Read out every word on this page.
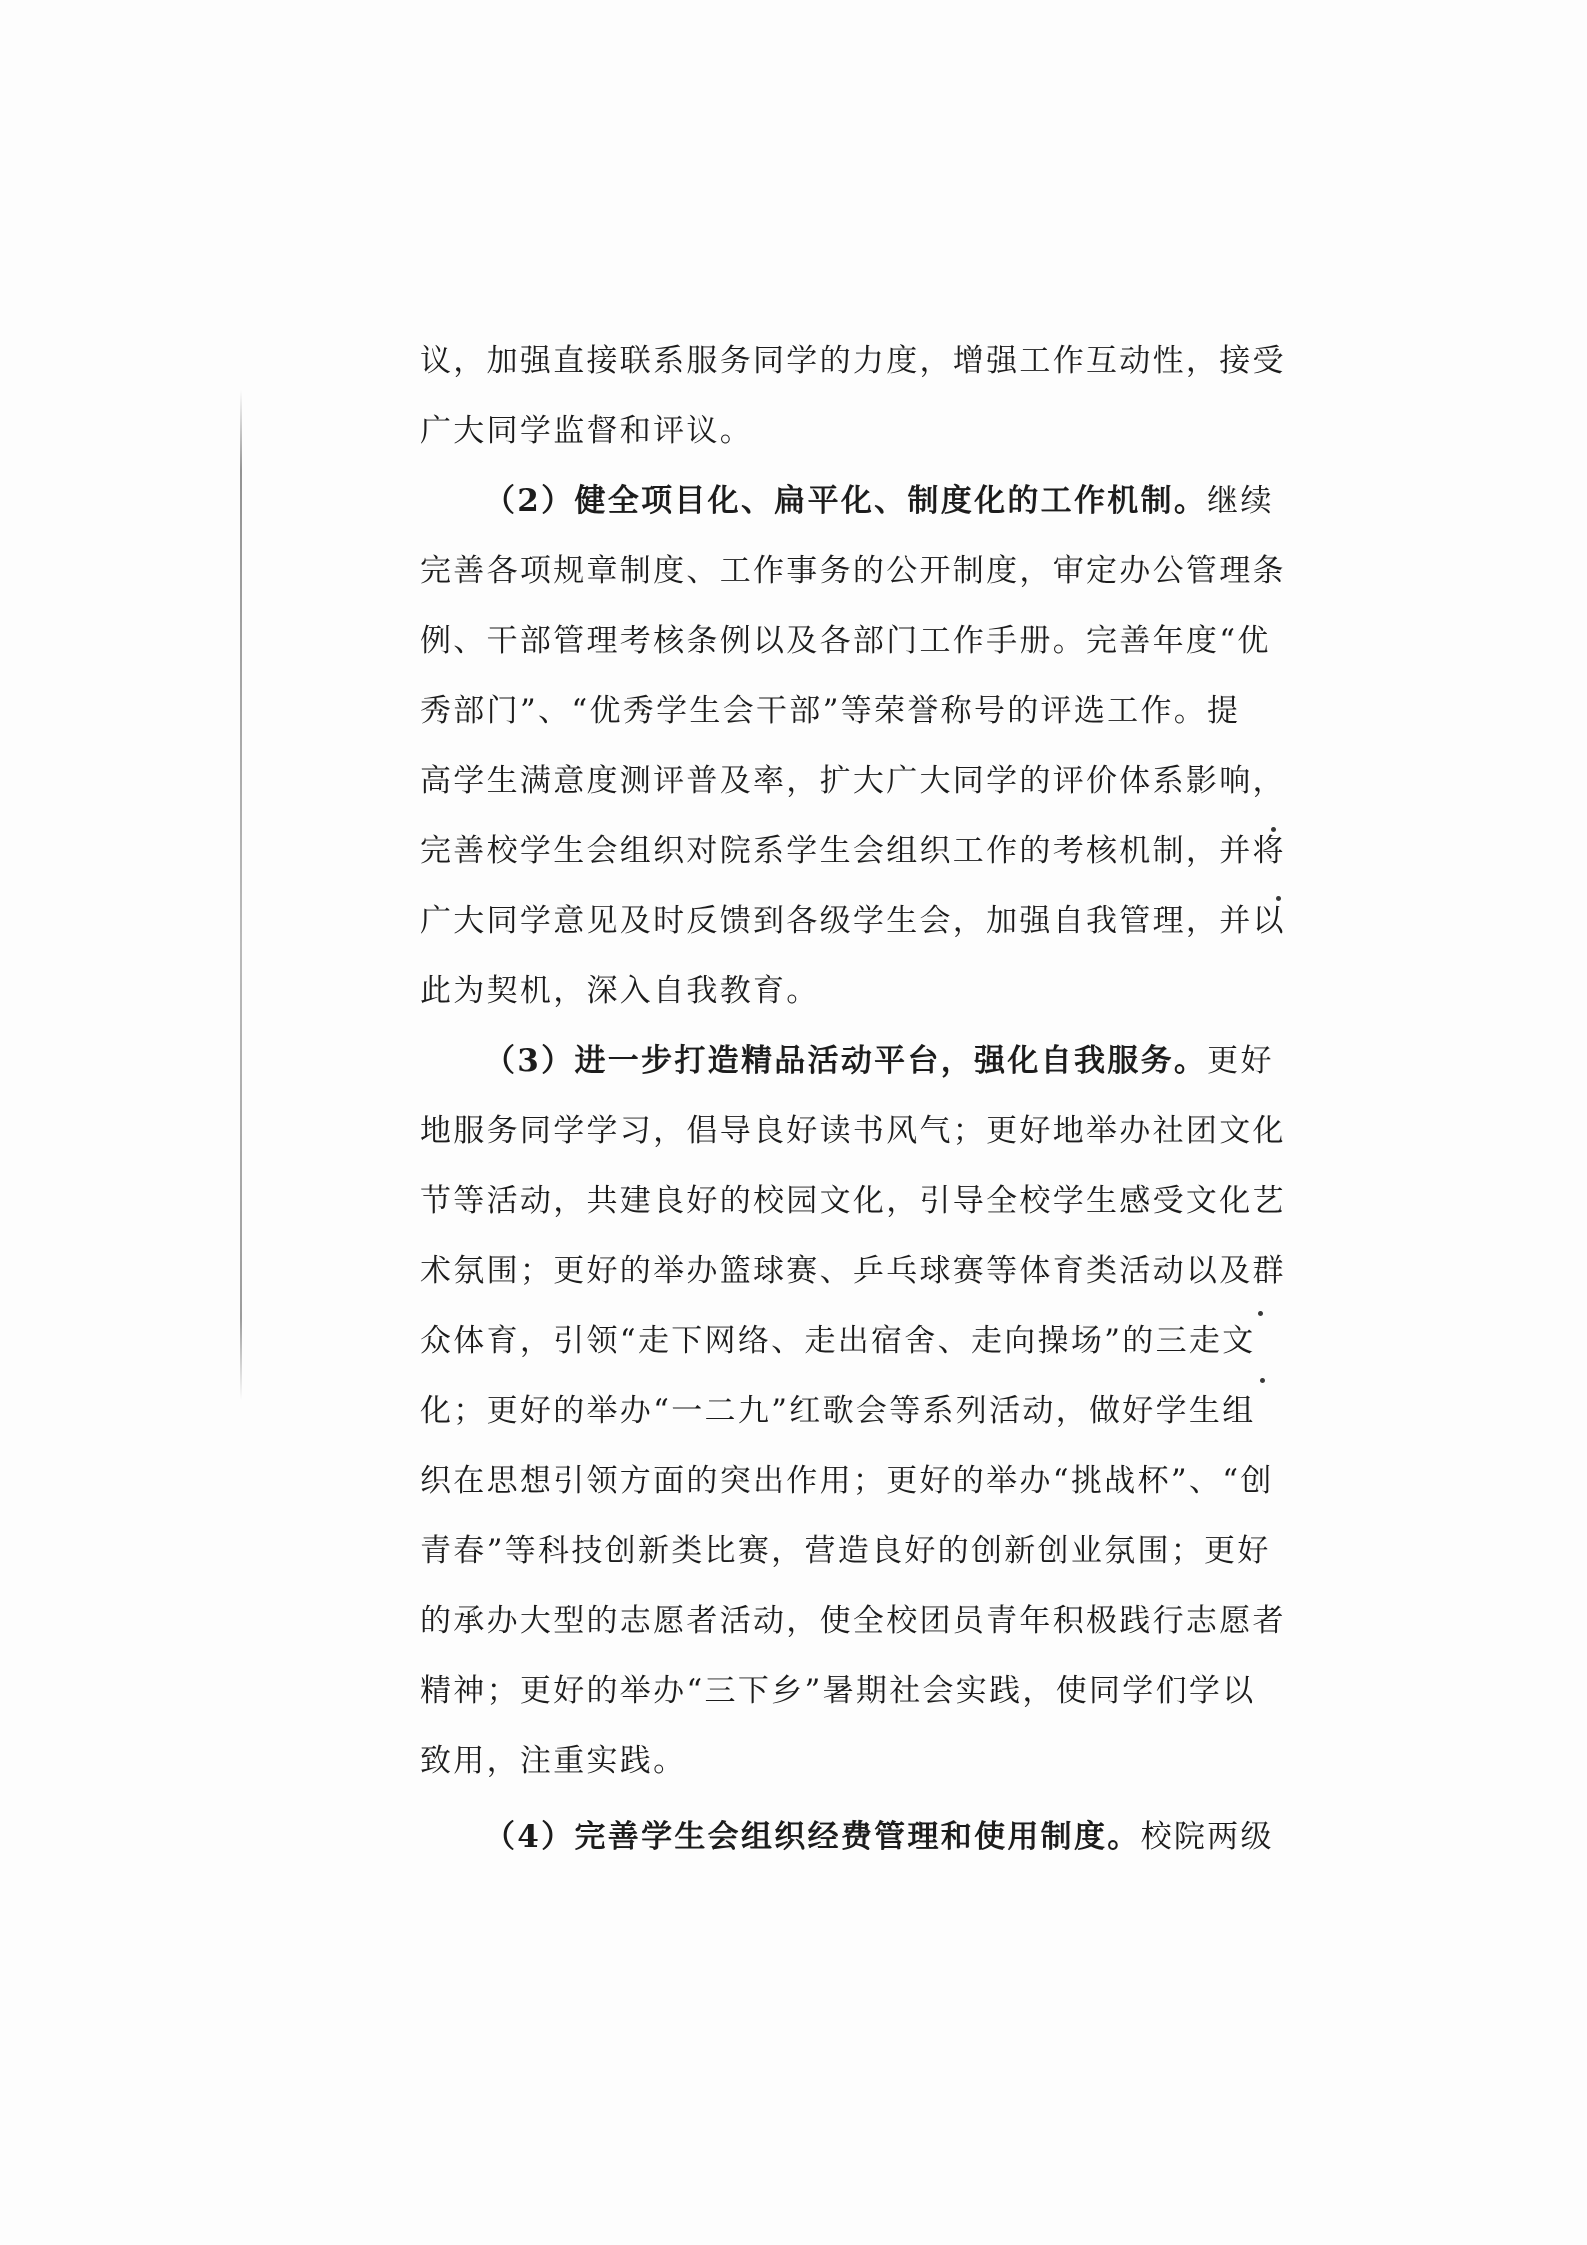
议，加强直接联系服务同学的力度，增强工作互动性，接受
广大同学监督和评议。
（2）健全项目化、扁平化、制度化的工作机制。继续
完善各项规章制度、工作事务的公开制度，审定办公管理条
例、干部管理考核条例以及各部门工作手册。完善年度“优
秀部门”、“优秀学生会干部”等荣誉称号的评选工作。提
高学生满意度测评普及率，扩大广大同学的评价体系影响，
完善校学生会组织对院系学生会组织工作的考核机制，并将
广大同学意见及时反馈到各级学生会，加强自我管理，并以
此为契机，深入自我教育。
（3）进一步打造精品活动平台，强化自我服务。更好
地服务同学学习，倡导良好读书风气；更好地举办社团文化
节等活动，共建良好的校园文化，引导全校学生感受文化艺
术氛围；更好的举办篮球赛、乒乓球赛等体育类活动以及群
众体育，引领“走下网络、走出宿舍、走向操场”的三走文
化；更好的举办“一二九”红歌会等系列活动，做好学生组
织在思想引领方面的突出作用；更好的举办“挑战杯”、“创
青春”等科技创新类比赛，营造良好的创新创业氛围；更好
的承办大型的志愿者活动，使全校团员青年积极践行志愿者
精神；更好的举办“三下乡”暑期社会实践，使同学们学以
致用，注重实践。
（4）完善学生会组织经费管理和使用制度。校院两级
